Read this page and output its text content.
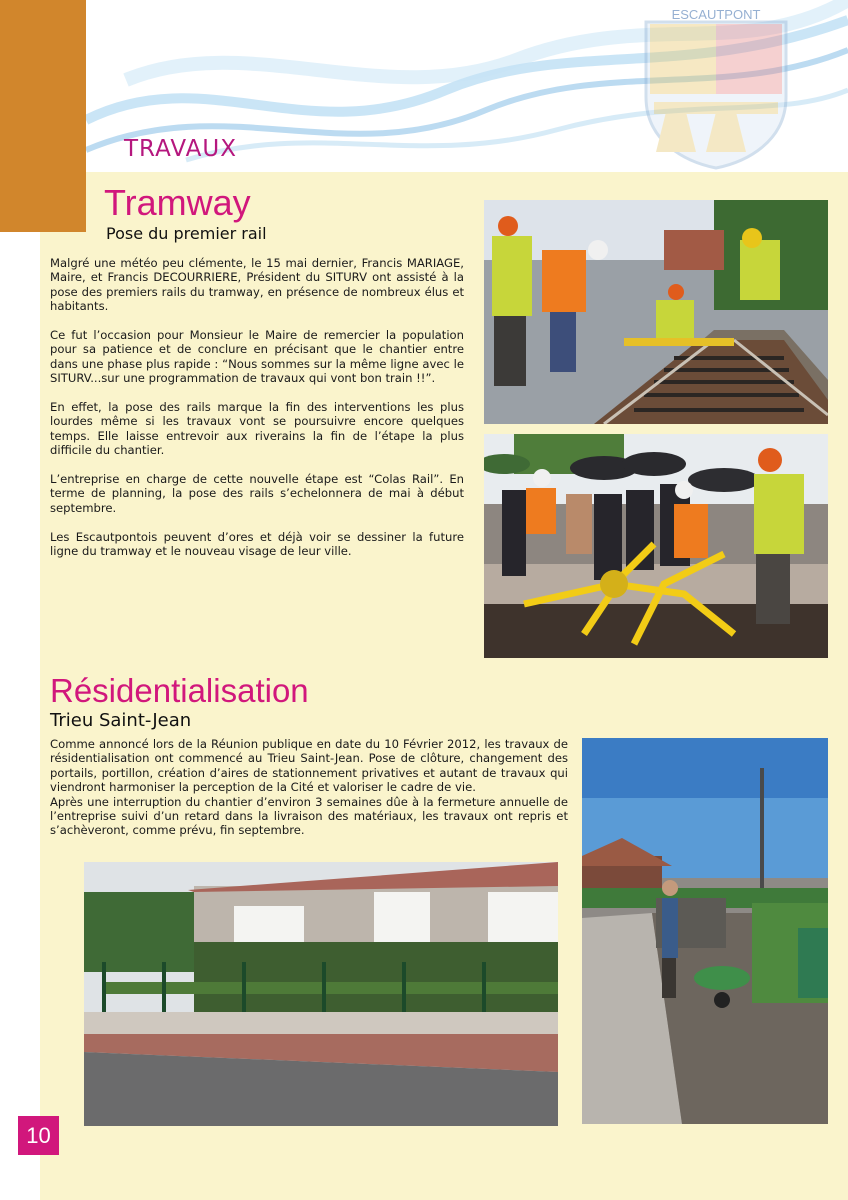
ESCAUTPONT
TRAVAUX
Tramway
Pose du premier rail

Malgré une météo peu clémente, le 15 mai dernier, Francis MARIAGE, Maire, et Francis DECOURRIERE, Président du SITURV ont assisté à la pose des premiers rails du tramway, en présence de nombreux élus et habitants.

Ce fut l’occasion pour Monsieur le Maire de remercier la population pour sa patience et de conclure en précisant que le chantier entre dans une phase plus rapide : “Nous sommes sur la même ligne avec le SITURV...sur une programmation de travaux qui vont bon train !!”.

En effet, la pose des rails marque la fin des interventions les plus lourdes même si les travaux vont se poursuivre encore quelques temps. Elle laisse entrevoir aux riverains la fin de l’étape la plus difficile du chantier.

L’entreprise en charge de cette nouvelle étape est “Colas Rail”. En terme de planning, la pose des rails s’echelonnera de mai à début septembre.

Les Escautpontois peuvent d’ores et déjà voir se dessiner la future ligne du tramway et le nouveau visage de leur ville.

Résidentialisation
Trieu Saint-Jean

Comme annoncé lors de la Réunion publique en date du 10 Février 2012, les travaux de résidentialisation ont commencé au Trieu Saint-Jean. Pose de clôture, changement des portails, portillon, création d’aires de stationnement privatives et autant de travaux qui viendront harmoniser la perception de la Cité et valoriser le cadre de vie.

Après une interruption du chantier d’environ 3 semaines dûe à la fermeture annuelle de l’entreprise suivi d’un retard dans la livraison des matériaux, les travaux ont repris et s’achèveront, comme prévu, fin septembre.

10
